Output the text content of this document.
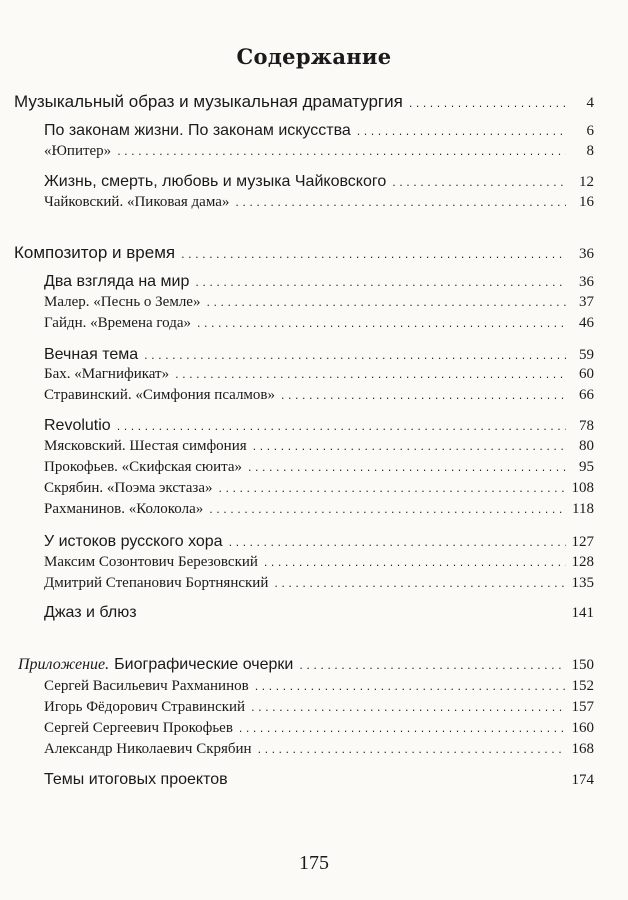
Содержание
Музыкальный образ и музыкальная драматургия . . .	4
По законам жизни. По законам искусства . . .	6
«Юпитер» . . .	8
Жизнь, смерть, любовь и музыка Чайковского . . .	12
Чайковский. «Пиковая дама» . . .	16
Композитор и время . . .	36
Два взгляда на мир . . .	36
Малер. «Песнь о Земле» . . .	37
Гайдн. «Времена года» . . .	46
Вечная тема . . .	59
Бах. «Магнификат» . . .	60
Стравинский. «Симфония псалмов» . . .	66
Revolutio . . .	78
Мясковский. Шестая симфония . . .	80
Прокофьев. «Скифская сюита» . . .	95
Скрябин. «Поэма экстаза» . . .	108
Рахманинов. «Колокола» . . .	118
У истоков русского хора . . .	127
Максим Созонтович Березовский . . .	128
Дмитрий Степанович Бортнянский . . .	135
Джаз и блюз	141
Приложение. Биографические очерки . . .	150
Сергей Васильевич Рахманинов . . .	152
Игорь Фёдорович Стравинский . . .	157
Сергей Сергеевич Прокофьев . . .	160
Александр Николаевич Скрябин . . .	168
Темы итоговых проектов	174
175
